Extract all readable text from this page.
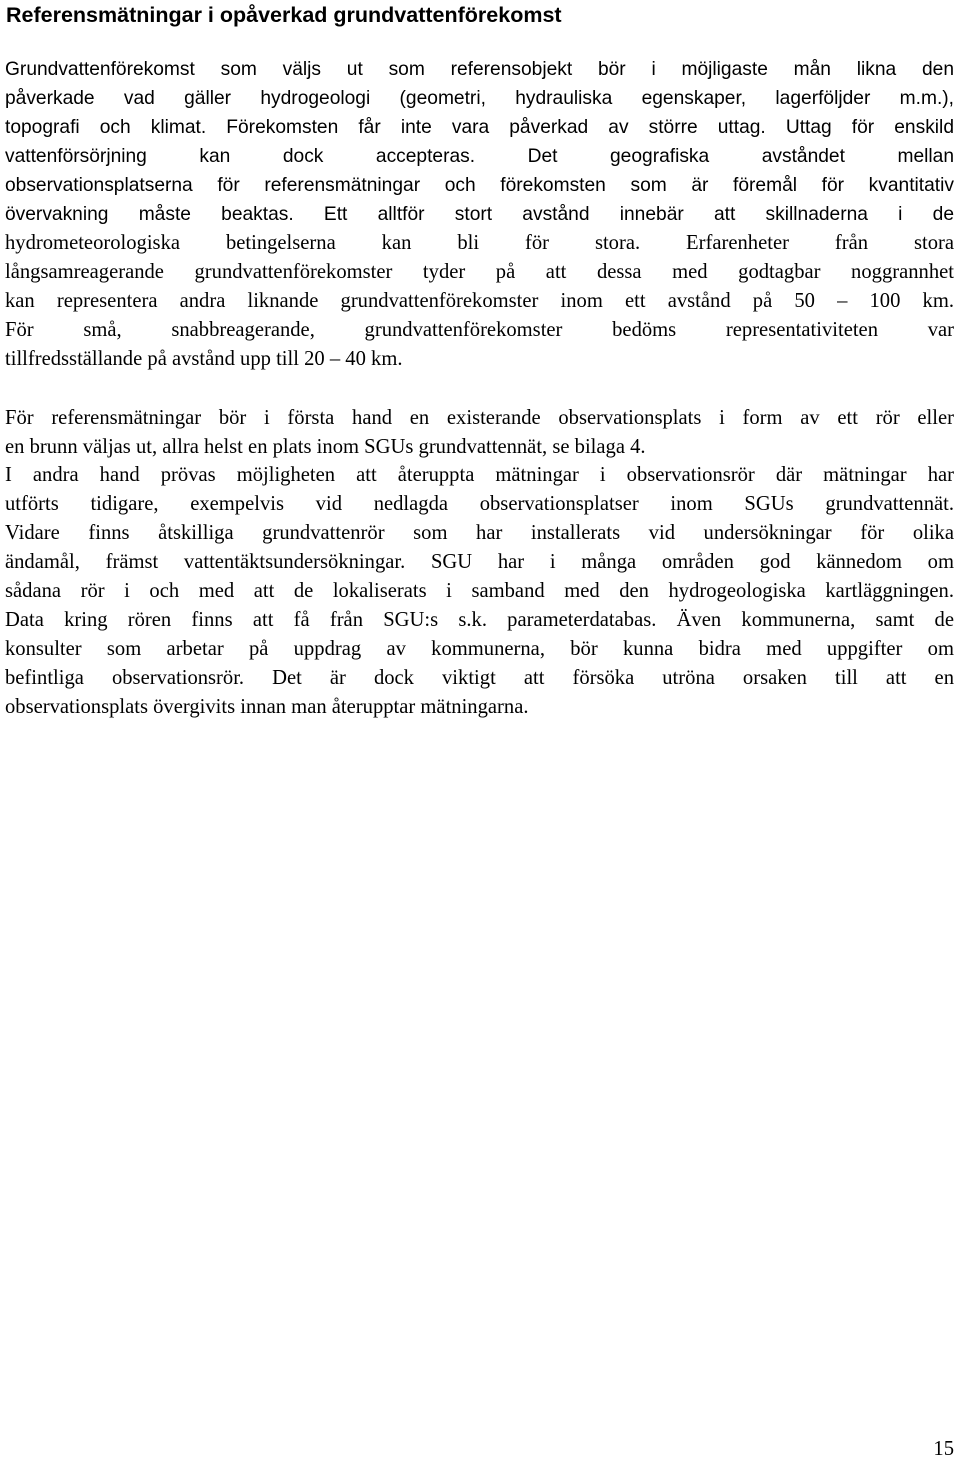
Referensmätningar i opåverkad grundvattenförekomst

Grundvattenförekomst som väljs ut som referensobjekt bör i möjligaste mån likna den
påverkade vad gäller hydrogeologi (geometri, hydrauliska egenskaper, lagerföljder m.m.),
topografi och klimat. Förekomsten får inte vara påverkad av större uttag. Uttag för enskild
vattenförsörjning kan dock accepteras. Det geografiska avståndet mellan
observationsplatserna för referensmätningar och förekomsten som är föremål för kvantitativ
övervakning måste beaktas. Ett alltför stort avstånd innebär att skillnaderna i de
hydrometeorologiska betingelserna kan bli för stora. Erfarenheter från stora
långsamreagerande grundvattenförekomster tyder på att dessa med godtagbar noggrannhet
kan representera andra liknande grundvattenförekomster inom ett avstånd på 50 – 100 km.
För små, snabbreagerande, grundvattenförekomster bedöms representativiteten var
tillfredsställande på avstånd upp till 20 – 40 km.

För referensmätningar bör i första hand en existerande observationsplats i form av ett rör eller
en brunn väljas ut, allra helst en plats inom SGUs grundvattennät, se bilaga 4.

I andra hand prövas möjligheten att återuppta mätningar i observationsrör där mätningar har
utförts tidigare, exempelvis vid nedlagda observationsplatser inom SGUs grundvattennät.
Vidare finns åtskilliga grundvattenrör som har installerats vid undersökningar för olika
ändamål, främst vattentäktsundersökningar. SGU har i många områden god kännedom om
sådana rör i och med att de lokaliserats i samband med den hydrogeologiska kartläggningen.
Data kring rören finns att få från SGU:s s.k. parameterdatabas. Även kommunerna, samt de
konsulter som arbetar på uppdrag av kommunerna, bör kunna bidra med uppgifter om
befintliga observationsrör. Det är dock viktigt att försöka utröna orsaken till att en
observationsplats övergivits innan man återupptar mätningarna.

15
